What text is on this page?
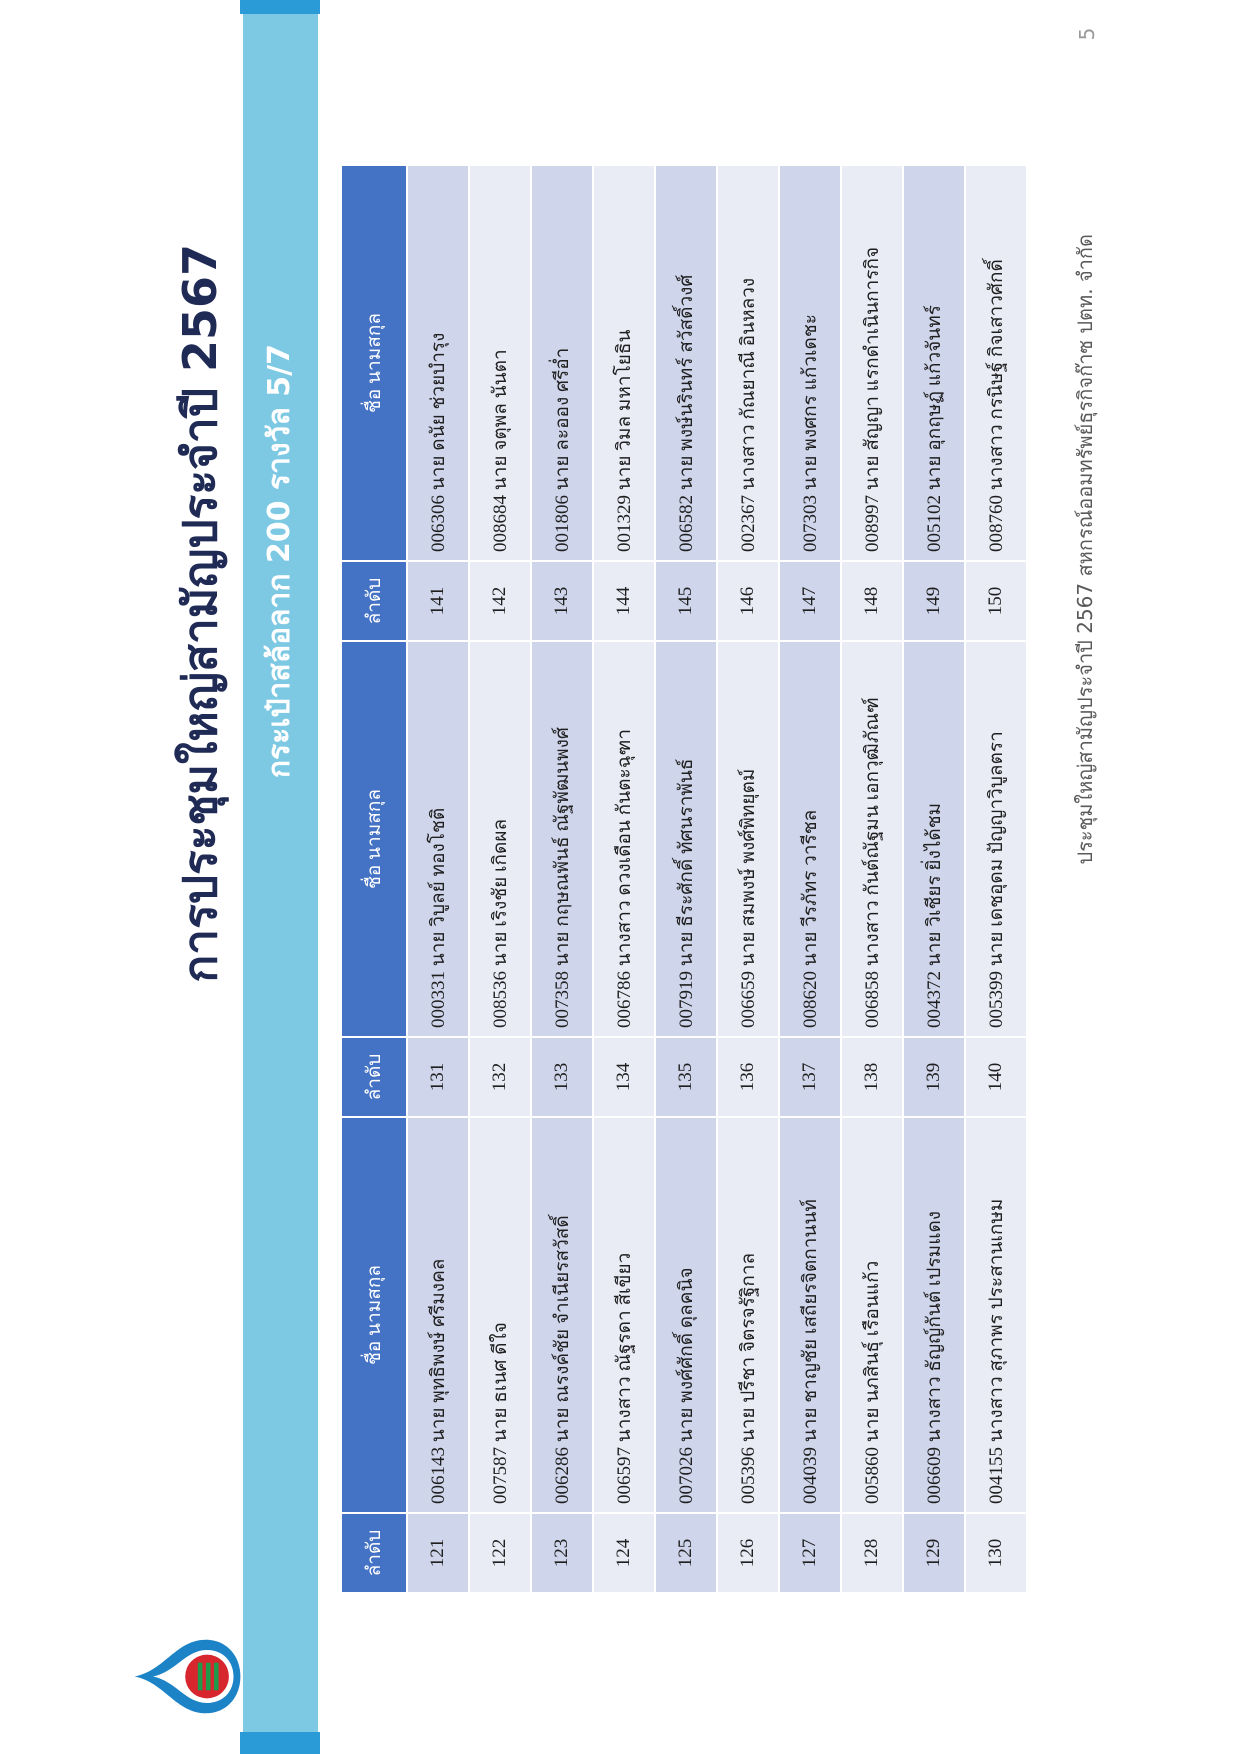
การประชุมใหญ่สามัญประจำปี 2567	กระเป๋าสล้อลาก 200 รางวัล 5/7
5
ลำดับ	ชื่อ นามสกุล	ลำดับ	ชื่อ นามสกุล	ลำดับ	ชื่อ นามสกุล
121	006143 นาย พุทธิพงษ์ ศรีมงคล	131	000331 นาย วิบูลย์ ทองโชติ	141	006306 นาย ดนัย ช่วยบำรุง
122	007587 นาย ธเนศ ดีใจ	132	008536 นาย เริงชัย เกิดผล	142	008684 นาย จตุพล นันตา
123	006286 นาย ณรงค์ชัย จำเนียรสวัสดิ์	133	007358 นาย กฤษณพันธ์ ณัฐพัฒนพงศ์	143	001806 นาย ละออง ศรีอ่ำ
124	006597 นางสาว ณัฐรดา สีเขียว	134	006786 นางสาว ดวงเดือน กันตะฉุฑา	144	001329 นาย วิมล มหาโยธิน
125	007026 นาย พงศ์ศักดิ์ ดุลคนิจ	135	007919 นาย ธีระศักดิ์ ทัศนราพันธ์	145	006582 นาย พงษ์นรินทร์ สวัสดิ์วงศ์
126	005396 นาย ปรีชา จิตรจรัฐิกาล	136	006659 นาย สมพงษ์ พงศ์พิทยุตม์	146	002367 นางสาว กัณยาณี อินหลวง
127	004039 นาย ชาญชัย เสถียรจิตกานนท์	137	008620 นาย วีรภัทร วารีชล	147	007303 นาย พงศกร แก้วเดชะ
128	005860 นาย นภสินธุ์ เรือนแก้ว	138	006858 นางสาว กันต์ณัฐมน เอกวุฒิภัณฑ์	148	008997 นาย สัญญา แรกดำเนินการกิจ
129	006609 นางสาว ธัญญ์กันต์ เปรมแดง	139	004372 นาย วิเชียร ยิ่งได้ชม	149	005102 นาย อุกฤษฏ์ แก้วจันทร์
130	004155 นางสาว สุภาพร ประสานเกษม	140	005399 นาย เดชอุดม ปัญญาวิบูลตรา	150	008760 นางสาว กรนิษฐ์ กิจเสาวศักดิ์	ประชุมใหญ่สามัญประจำปี 2567 สหกรณ์ออมทรัพย์ธุรกิจก๊าซ ปตท. จำกัด
